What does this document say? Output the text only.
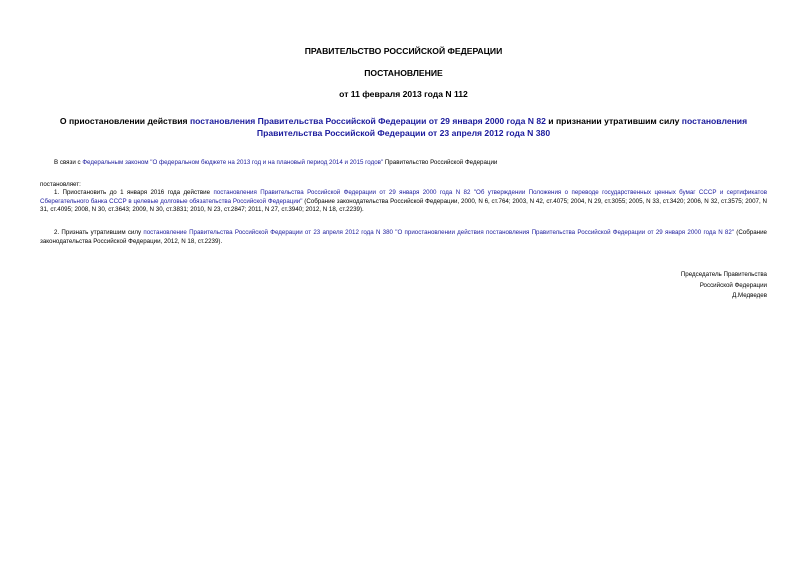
ПРАВИТЕЛЬСТВО РОССИЙСКОЙ ФЕДЕРАЦИИ
ПОСТАНОВЛЕНИЕ
от 11 февраля 2013 года N 112
О приостановлении действия постановления Правительства Российской Федерации от 29 января 2000 года N 82 и признании утратившим силу постановления Правительства Российской Федерации от 23 апреля 2012 года N 380
В связи с Федеральным законом "О федеральном бюджете на 2013 год и на плановый период 2014 и 2015 годов" Правительство Российской Федерации
постановляет:
1. Приостановить до 1 января 2016 года действие постановления Правительства Российской Федерации от 29 января 2000 года N 82 "Об утверждении Положения о переводе государственных ценных бумаг СССР и сертификатов Сберегательного банка СССР в целевые долговые обязательства Российской Федерации" (Собрание законодательства Российской Федерации, 2000, N 6, ст.764; 2003, N 42, ст.4075; 2004, N 29, ст.3055; 2005, N 33, ст.3420; 2006, N 32, ст.3575; 2007, N 31, ст.4095; 2008, N 30, ст.3643; 2009, N 30, ст.3831; 2010, N 23, ст.2847; 2011, N 27, ст.3940; 2012, N 18, ст.2239).
2. Признать утратившим силу постановление Правительства Российской Федерации от 23 апреля 2012 года N 380 "О приостановлении действия постановления Правительства Российской Федерации от 29 января 2000 года N 82" (Собрание законодательства Российской Федерации, 2012, N 18, ст.2239).
Председатель Правительства
Российской Федерации
Д.Медведев
